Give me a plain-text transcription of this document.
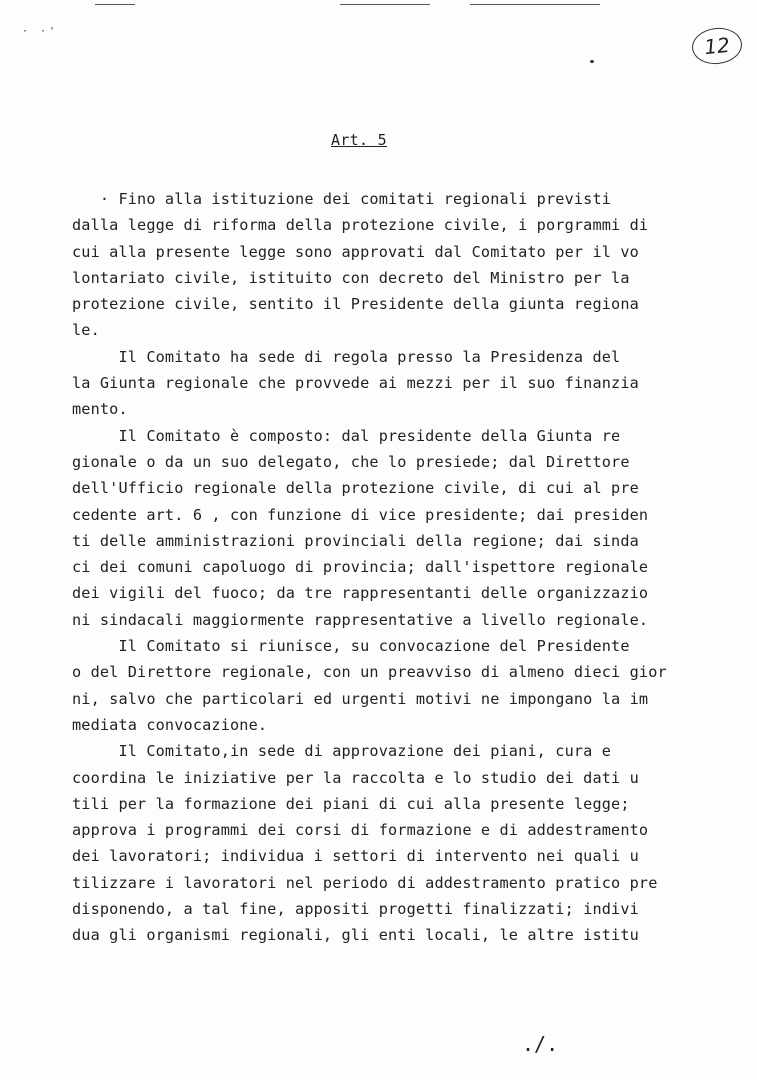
· ·'
12
Art. 5
· Fino alla istituzione dei comitati regionali previsti
dalla legge di riforma della protezione civile, i porgrammi di
cui alla presente legge sono approvati dal Comitato per il vo
lontariato civile, istituito con decreto del Ministro per la
protezione civile, sentito il Presidente della giunta regiona
le.
Il Comitato ha sede di regola presso la Presidenza del
la Giunta regionale che provvede ai mezzi per il suo finanzia
mento.
Il Comitato è composto: dal presidente della Giunta re
gionale o da un suo delegato, che lo presiede; dal Direttore
dell'Ufficio regionale della protezione civile, di cui al pre
cedente art. 6 , con funzione di vice presidente; dai presiden
ti delle amministrazioni provinciali della regione; dai sinda
ci dei comuni capoluogo di provincia; dall'ispettore regionale
dei vigili del fuoco; da tre rappresentanti delle organizzazio
ni sindacali maggiormente rappresentative a livello regionale.
Il Comitato si riunisce, su convocazione del Presidente
o del Direttore regionale, con un preavviso di almeno dieci gior
ni, salvo che particolari ed urgenti motivi ne impongano la im
mediata convocazione.
Il Comitato,in sede di approvazione dei piani, cura e
coordina le iniziative per la raccolta e lo studio dei dati u
tili per la formazione dei piani di cui alla presente legge;
approva i programmi dei corsi di formazione e di addestramento
dei lavoratori; individua i settori di intervento nei quali u
tilizzare i lavoratori nel periodo di addestramento pratico pre
disponendo, a tal fine, appositi progetti finalizzati; indivi
dua gli organismi regionali, gli enti locali, le altre istitu
./.
